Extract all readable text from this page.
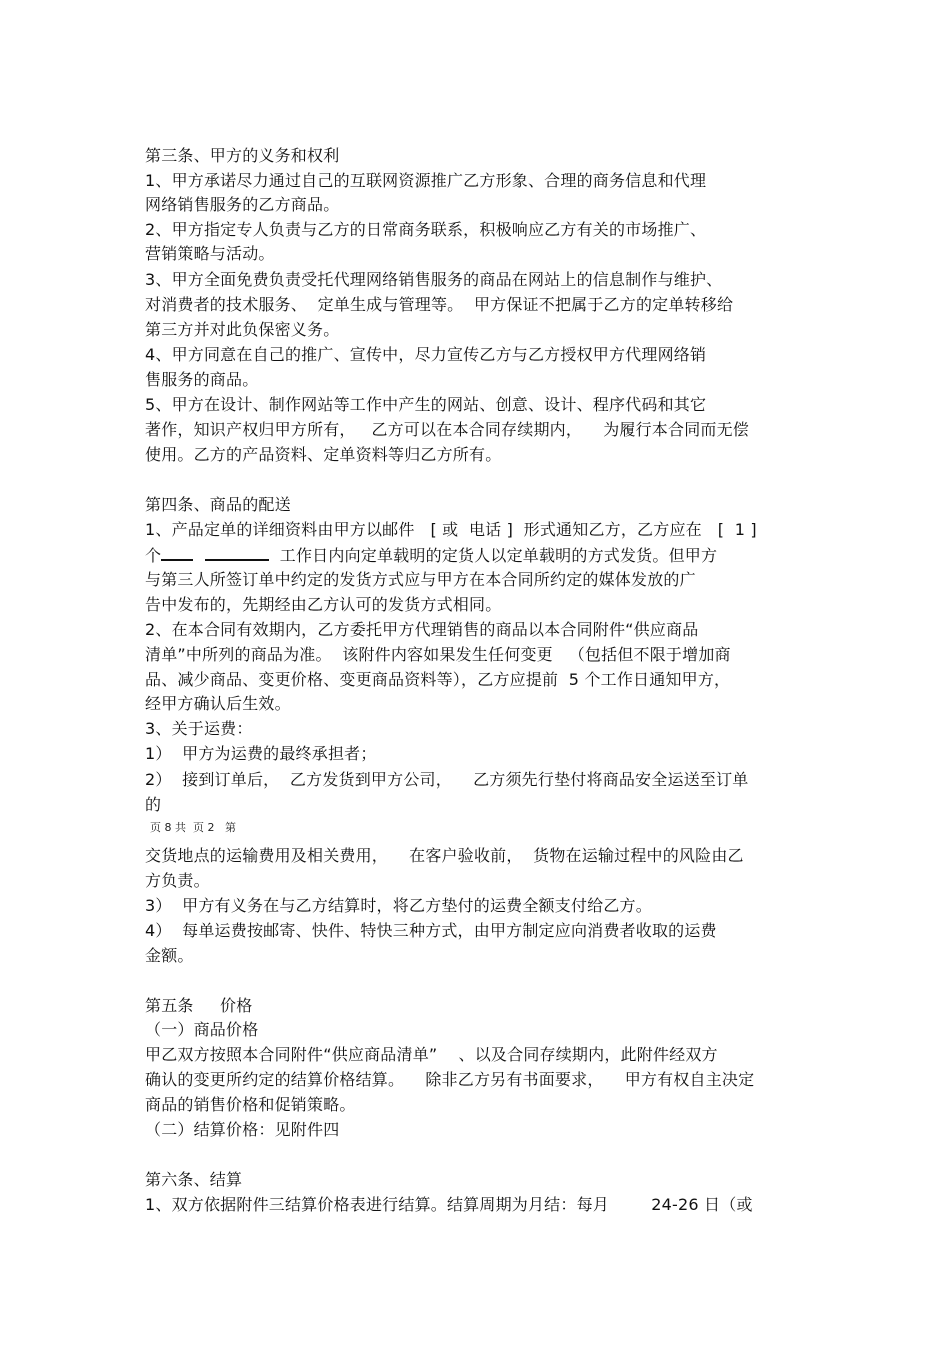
第三条、甲方的义务和权利
1、甲方承诺尽力通过自己的互联网资源推广乙方形象、合理的商务信息和代理
网络销售服务的乙方商品。
2、甲方指定专人负责与乙方的日常商务联系，积极响应乙方有关的市场推广、
营销策略与活动。
3、甲方全面免费负责受托代理网络销售服务的商品在网站上的信息制作与维护、
对消费者的技术服务、  定单生成与管理等。  甲方保证不把属于乙方的定单转移给
第三方并对此负保密义务。
4、甲方同意在自己的推广、宣传中，尽力宣传乙方与乙方授权甲方代理网络销
售服务的商品。
5、甲方在设计、制作网站等工作中产生的网站、创意、设计、程序代码和其它
著作，知识产权归甲方所有，   乙方可以在本合同存续期内，    为履行本合同而无偿
使用。乙方的产品资料、定单资料等归乙方所有。
第四条、商品的配送
1、产品定单的详细资料由甲方以邮件   [ 或  电话 ]  形式通知乙方，乙方应在   [  1 ]
个	工作日内向定单载明的定货人以定单载明的方式发货。但甲方
与第三人所签订单中约定的发货方式应与甲方在本合同所约定的媒体发放的广
告中发布的，先期经由乙方认可的发货方式相同。
2、在本合同有效期内，乙方委托甲方代理销售的商品以本合同附件“供应商品
清单”中所列的商品为准。  该附件内容如果发生任何变更   （包括但不限于增加商
品、减少商品、变更价格、变更商品资料等），乙方应提前  5 个工作日通知甲方，
经甲方确认后生效。
3、关于运费：
1）  甲方为运费的最终承担者；
2）  接到订单后，  乙方发货到甲方公司，    乙方须先行垫付将商品安全运送至订单
的
页 8 共  页 2   第
交货地点的运输费用及相关费用，    在客户验收前，  货物在运输过程中的风险由乙
方负责。
3）  甲方有义务在与乙方结算时，将乙方垫付的运费全额支付给乙方。
4）  每单运费按邮寄、快件、特快三种方式，由甲方制定应向消费者收取的运费
金额。
第五条     价格
（一）商品价格
甲乙双方按照本合同附件“供应商品清单”    、以及合同存续期内，此附件经双方
确认的变更所约定的结算价格结算。    除非乙方另有书面要求，    甲方有权自主决定
商品的销售价格和促销策略。
（二）结算价格：见附件四
第六条、结算
1、双方依据附件三结算价格表进行结算。结算周期为月结：每月        24-26 日（或
